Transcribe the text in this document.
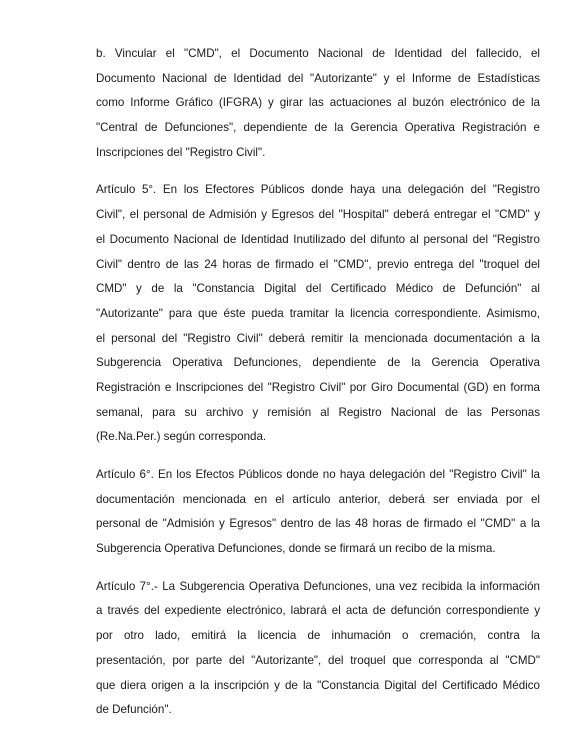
b. Vincular el "CMD", el Documento Nacional de Identidad del fallecido, el
Documento Nacional de Identidad del "Autorizante" y el Informe de Estadísticas
como Informe Gráfico (IFGRA) y girar las actuaciones al buzón electrónico de la
"Central de Defunciones", dependiente de la Gerencia Operativa Registración e
Inscripciones del "Registro Civil".
Artículo 5°. En los Efectores Públicos donde haya una delegación del "Registro
Civil", el personal de Admisión y Egresos del "Hospital" deberá entregar el "CMD" y
el Documento Nacional de Identidad Inutilizado del difunto al personal del "Registro
Civil" dentro de las 24 horas de firmado el "CMD", previo entrega del "troquel del
CMD" y de la "Constancia Digital del Certificado Médico de Defunción" al
"Autorizante" para que éste pueda tramitar la licencia correspondiente. Asimismo,
el personal del "Registro Civil" deberá remitir la mencionada documentación a la
Subgerencia Operativa Defunciones, dependiente de la Gerencia Operativa
Registración e Inscripciones del "Registro Civil" por Giro Documental (GD) en forma
semanal, para su archivo y remisión al Registro Nacional de las Personas
(Re.Na.Per.) según corresponda.
Artículo 6°. En los Efectos Públicos donde no haya delegación del "Registro Civil" la
documentación mencionada en el artículo anterior, deberá ser enviada por el
personal de "Admisión y Egresos" dentro de las 48 horas de firmado el "CMD" a la
Subgerencia Operativa Defunciones, donde se firmará un recibo de la misma.
Artículo 7°.- La Subgerencia Operativa Defunciones, una vez recibida la información
a través del expediente electrónico, labrará el acta de defunción correspondiente y
por otro lado, emitirá la licencia de inhumación o cremación, contra la
presentación, por parte del "Autorizante", del troquel que corresponda al "CMD"
que diera origen a la inscripción y de la "Constancia Digital del Certificado Médico
de Defunción".
